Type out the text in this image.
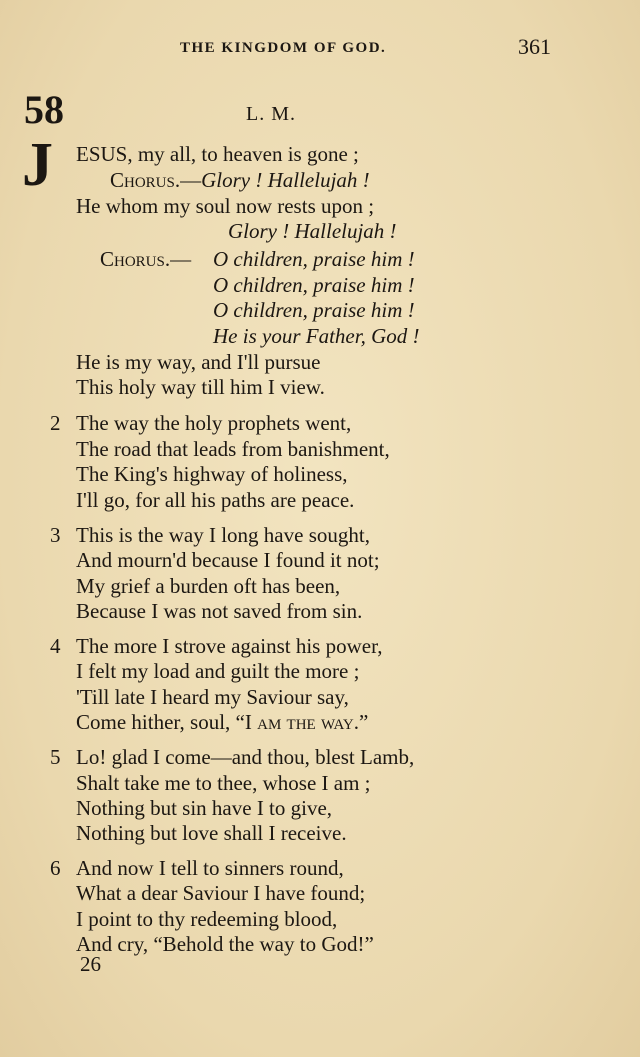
THE KINGDOM OF GOD.	361
58	L. M.
J ESUS, my all, to heaven is gone ;
Chorus.—Glory ! Hallelujah !
He whom my soul now rests upon ;
Glory ! Hallelujah !
Chorus.— O children, praise him !
O children, praise him !
O children, praise him !
He is your Father, God !
He is my way, and I'll pursue
This holy way till him I view.
2 The way the holy prophets went,
The road that leads from banishment,
The King's highway of holiness,
I'll go, for all his paths are peace.
3 This is the way I long have sought,
And mourn'd because I found it not;
My grief a burden oft has been,
Because I was not saved from sin.
4 The more I strove against his power,
I felt my load and guilt the more ;
'Till late I heard my Saviour say,
Come hither, soul, “I am the way.”
5 Lo! glad I come—and thou, blest Lamb,
Shalt take me to thee, whose I am ;
Nothing but sin have I to give,
Nothing but love shall I receive.
6 And now I tell to sinners round,
What a dear Saviour I have found;
I point to thy redeeming blood,
And cry, “Behold the way to God!”
26
